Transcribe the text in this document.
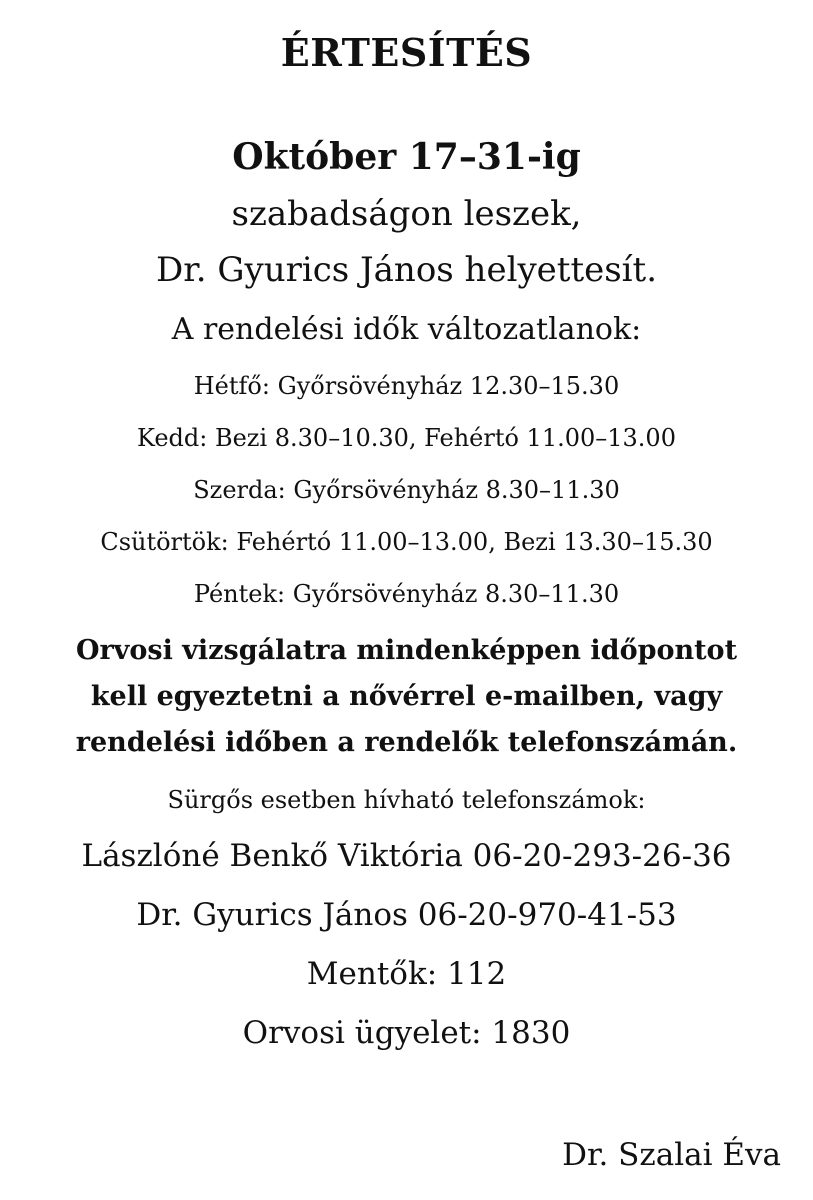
ÉRTESÍTÉS
Október 17–31-ig
szabadságon leszek,
Dr. Gyurics János helyettesít.
A rendelési idők változatlanok:
Hétfő: Győrsövényház 12.30–15.30
Kedd: Bezi 8.30–10.30, Fehértó 11.00–13.00
Szerda: Győrsövényház 8.30–11.30
Csütörtök: Fehértó 11.00–13.00, Bezi 13.30–15.30
Péntek: Győrsövényház 8.30–11.30
Orvosi vizsgálatra mindenképpen időpontot
kell egyeztetni a nővérrel e-mailben, vagy
rendelési időben a rendelők telefonszámán.
Sürgős esetben hívható telefonszámok:
Lászlóné Benkő Viktória 06-20-293-26-36
Dr. Gyurics János 06-20-970-41-53
Mentők: 112
Orvosi ügyelet: 1830
Dr. Szalai Éva
